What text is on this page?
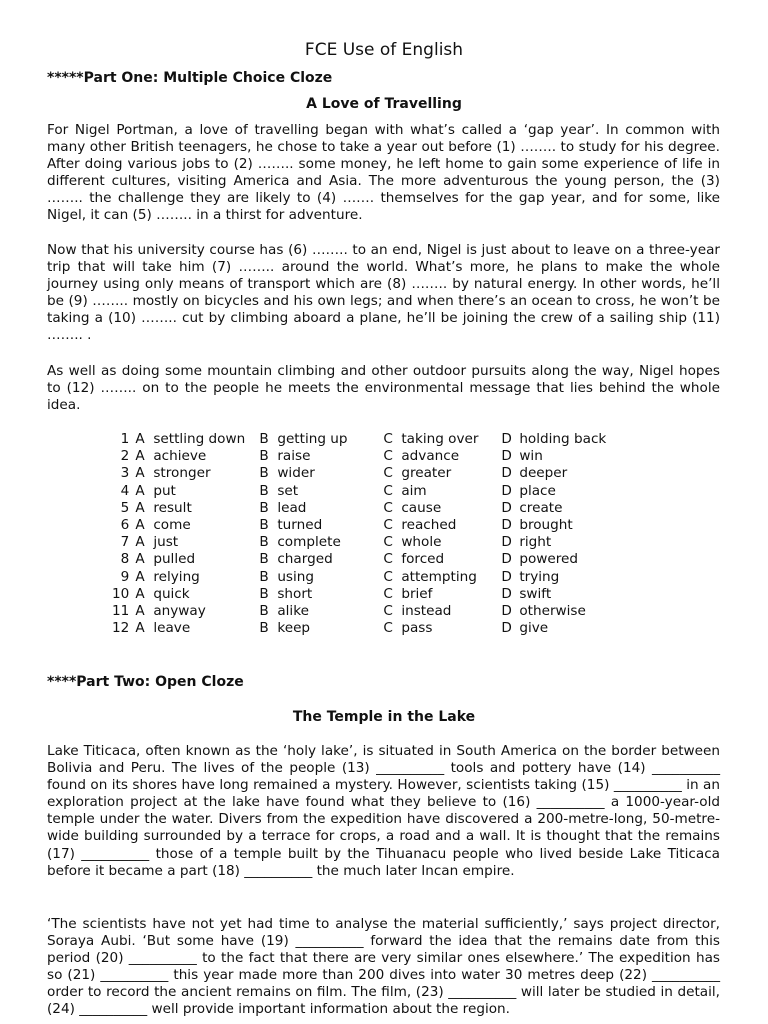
FCE Use of English
*****Part One: Multiple Choice Cloze
A Love of Travelling

For Nigel Portman, a love of travelling began with what’s called a ‘gap year’. In common with many other British teenagers, he chose to take a year out before (1) …….. to study for his degree. After doing various jobs to (2) …….. some money, he left home to gain some experience of life in different cultures, visiting America and Asia. The more adventurous the young person, the (3) …….. the challenge they are likely to (4) ……. themselves for the gap year, and for some, like Nigel, it can (5) …….. in a thirst for adventure.

Now that his university course has (6) …….. to an end, Nigel is just about to leave on a three-year trip that will take him (7) …….. around the world. What’s more, he plans to make the whole journey using only means of transport which are (8) …….. by natural energy. In other words, he’ll be (9) …….. mostly on bicycles and his own legs; and when there’s an ocean to cross, he won’t be taking a (10) …….. cut by climbing aboard a plane, he’ll be joining the crew of a sailing ship (11) …….. .

As well as doing some mountain climbing and other outdoor pursuits along the way, Nigel hopes to (12) …….. on to the people he meets the environmental message that lies behind the whole idea.

1	A	settling down	B	getting up	C	taking over	D	holding back
2	A	achieve	B	raise	C	advance	D	win
3	A	stronger	B	wider	C	greater	D	deeper
4	A	put	B	set	C	aim	D	place
5	A	result	B	lead	C	cause	D	create
6	A	come	B	turned	C	reached	D	brought
7	A	just	B	complete	C	whole	D	right
8	A	pulled	B	charged	C	forced	D	powered
9	A	relying	B	using	C	attempting	D	trying
10	A	quick	B	short	C	brief	D	swift
11	A	anyway	B	alike	C	instead	D	otherwise
12	A	leave	B	keep	C	pass	D	give
****Part Two: Open Cloze
The Temple in the Lake

Lake Titicaca, often known as the ‘holy lake’, is situated in South America on the border between Bolivia and Peru. The lives of the people (13) __________ tools and pottery have (14) __________ found on its shores have long remained a mystery. However, scientists taking (15) __________ in an exploration project at the lake have found what they believe to (16) __________ a 1000-year-old temple under the water. Divers from the expedition have discovered a 200-metre-long, 50-metre-wide building surrounded by a terrace for crops, a road and a wall. It is thought that the remains (17) __________ those of a temple built by the Tihuanacu people who lived beside Lake Titicaca before it became a part (18) __________ the much later Incan empire.

‘The scientists have not yet had time to analyse the material sufficiently,’ says project director, Soraya Aubi. ‘But some have (19) __________ forward the idea that the remains date from this period (20) __________ to the fact that there are very similar ones elsewhere.’ The expedition has so (21) __________ this year made more than 200 dives into water 30 metres deep (22) __________ order to record the ancient remains on film. The film, (23) __________ will later be studied in detail, (24) __________ well provide important information about the region.
